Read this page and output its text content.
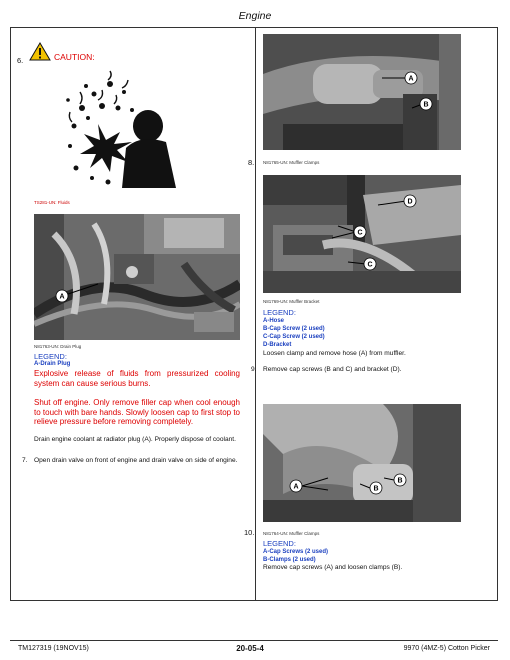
Engine
6.	CAUTION:
TS281-UN: Fluids
A
N81763-UN: Drain Plug
LEGEND:
A-Drain Plug
Explosive release of fluids from pressurized cooling system can cause serious burns.
Shut off engine. Only remove filler cap when cool enough to touch with bare hands. Slowly loosen cap to first stop to relieve pressure before removing completely.
Drain engine coolant at radiator plug (A). Properly dispose of coolant.
7. Open drain valve on front of engine and drain valve on side of engine.
A
B
8. N81765-UN: Muffler Clamps
D
C
C
N81769-UN: Muffler Bracket
LEGEND:
A-Hose
B-Cap Screw (2 used)
C-Cap Screw (2 used)
D-Bracket
Loosen clamp and remove hose (A) from muffler.
9. Remove cap screws (B and C) and bracket (D).
A	B
B
10. N81764-UN: Muffler Clamps
LEGEND:
A-Cap Screws (2 used)
B-Clamps (2 used)
Remove cap screws (A) and loosen clamps (B).
TM127319 (19NOV15)	20-05-4	9970 (4MZ-5) Cotton Picker
